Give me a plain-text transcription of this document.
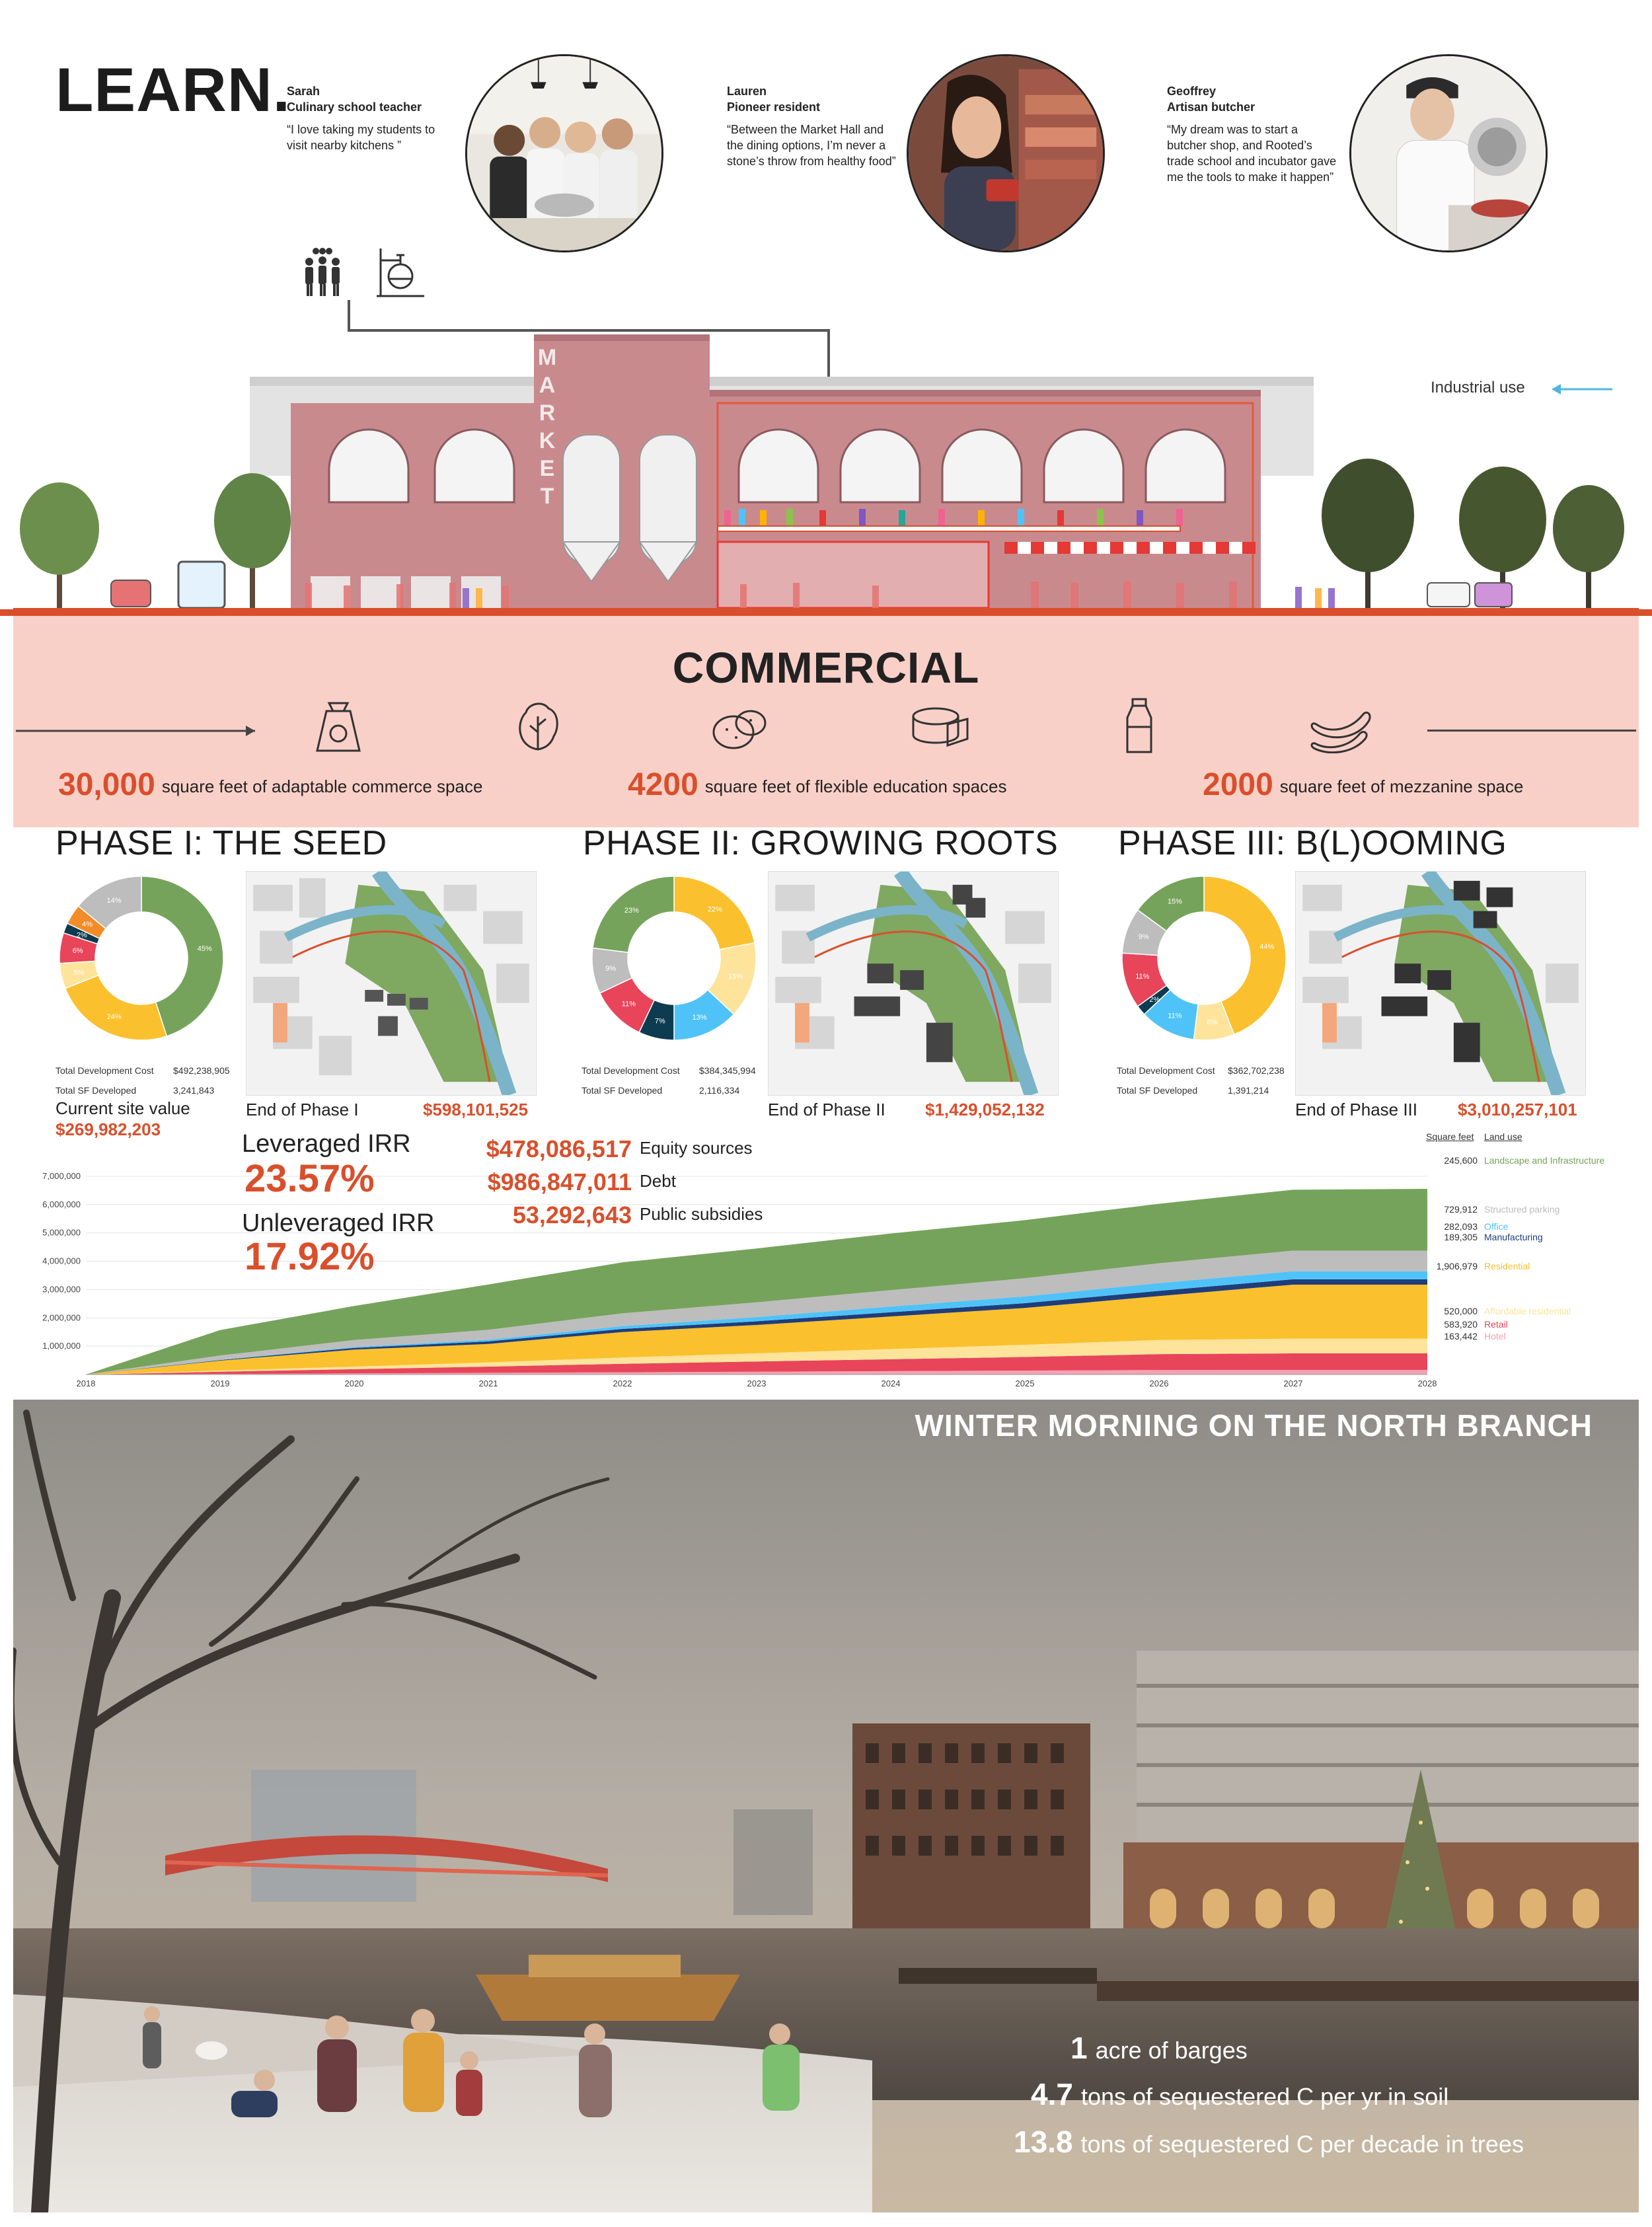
LEARN.
Sarah
Culinary school teacher
“I love taking my students to visit nearby kitchens ”
Lauren
Pioneer resident
“Between the Market Hall and the dining options, I’m never a stone’s throw from healthy food”
Geoffrey
Artisan butcher
“My dream was to start a butcher shop, and Rooted’s trade school and incubator gave me the tools to make it happen”
M
A
R
K
E
T
Industrial use
COMMERCIAL
30,000 square feet of adaptable commerce space	4200 square feet of flexible education spaces	2000 square feet of mezzanine space
PHASE I: THE SEED
45%
24%
5%
6%
2%
4%
14%
Total Development Cost $492,238,905
Total SF Developed	3,241,843
Current site value
$269,982,203
End of Phase I	$598,101,525
PHASE II: GROWING ROOTS
22%
15%
13%
7%
11%
9%
23%
Total Development Cost $384,345,994
Total SF Developed	2,116,334
End of Phase II $1,429,052,132
PHASE III: B(L)OOMING
44%
8%
11%
2%
11%
9%
15%
Total Development Cost $362,702,238
Total SF Developed	1,391,214
End of Phase III $3,010,257,101
7,000,000
6,000,000
5,000,000
4,000,000
3,000,000
2,000,000
1,000,000
2018	2019	2020	2021	2022	2023	2024	2025	2026	2027	2028
Leveraged IRR
23.57%
Unleveraged IRR
17.92%
$478,086,517 Equity sources
$986,847,011 Debt
53,292,643 Public subsidies
Square feet Land use
245,600 Landscape and Infrastructure
729,912 Structured parking
282,093 Office
189,305 Manufacturing
1,906,979 Residential
520,000 Affordable residential
583,920 Retail
163,442 Hotel
WINTER MORNING ON THE NORTH BRANCH
1 acre of barges
4.7 tons of sequestered C per yr in soil
13.8 tons of sequestered C per decade in trees
